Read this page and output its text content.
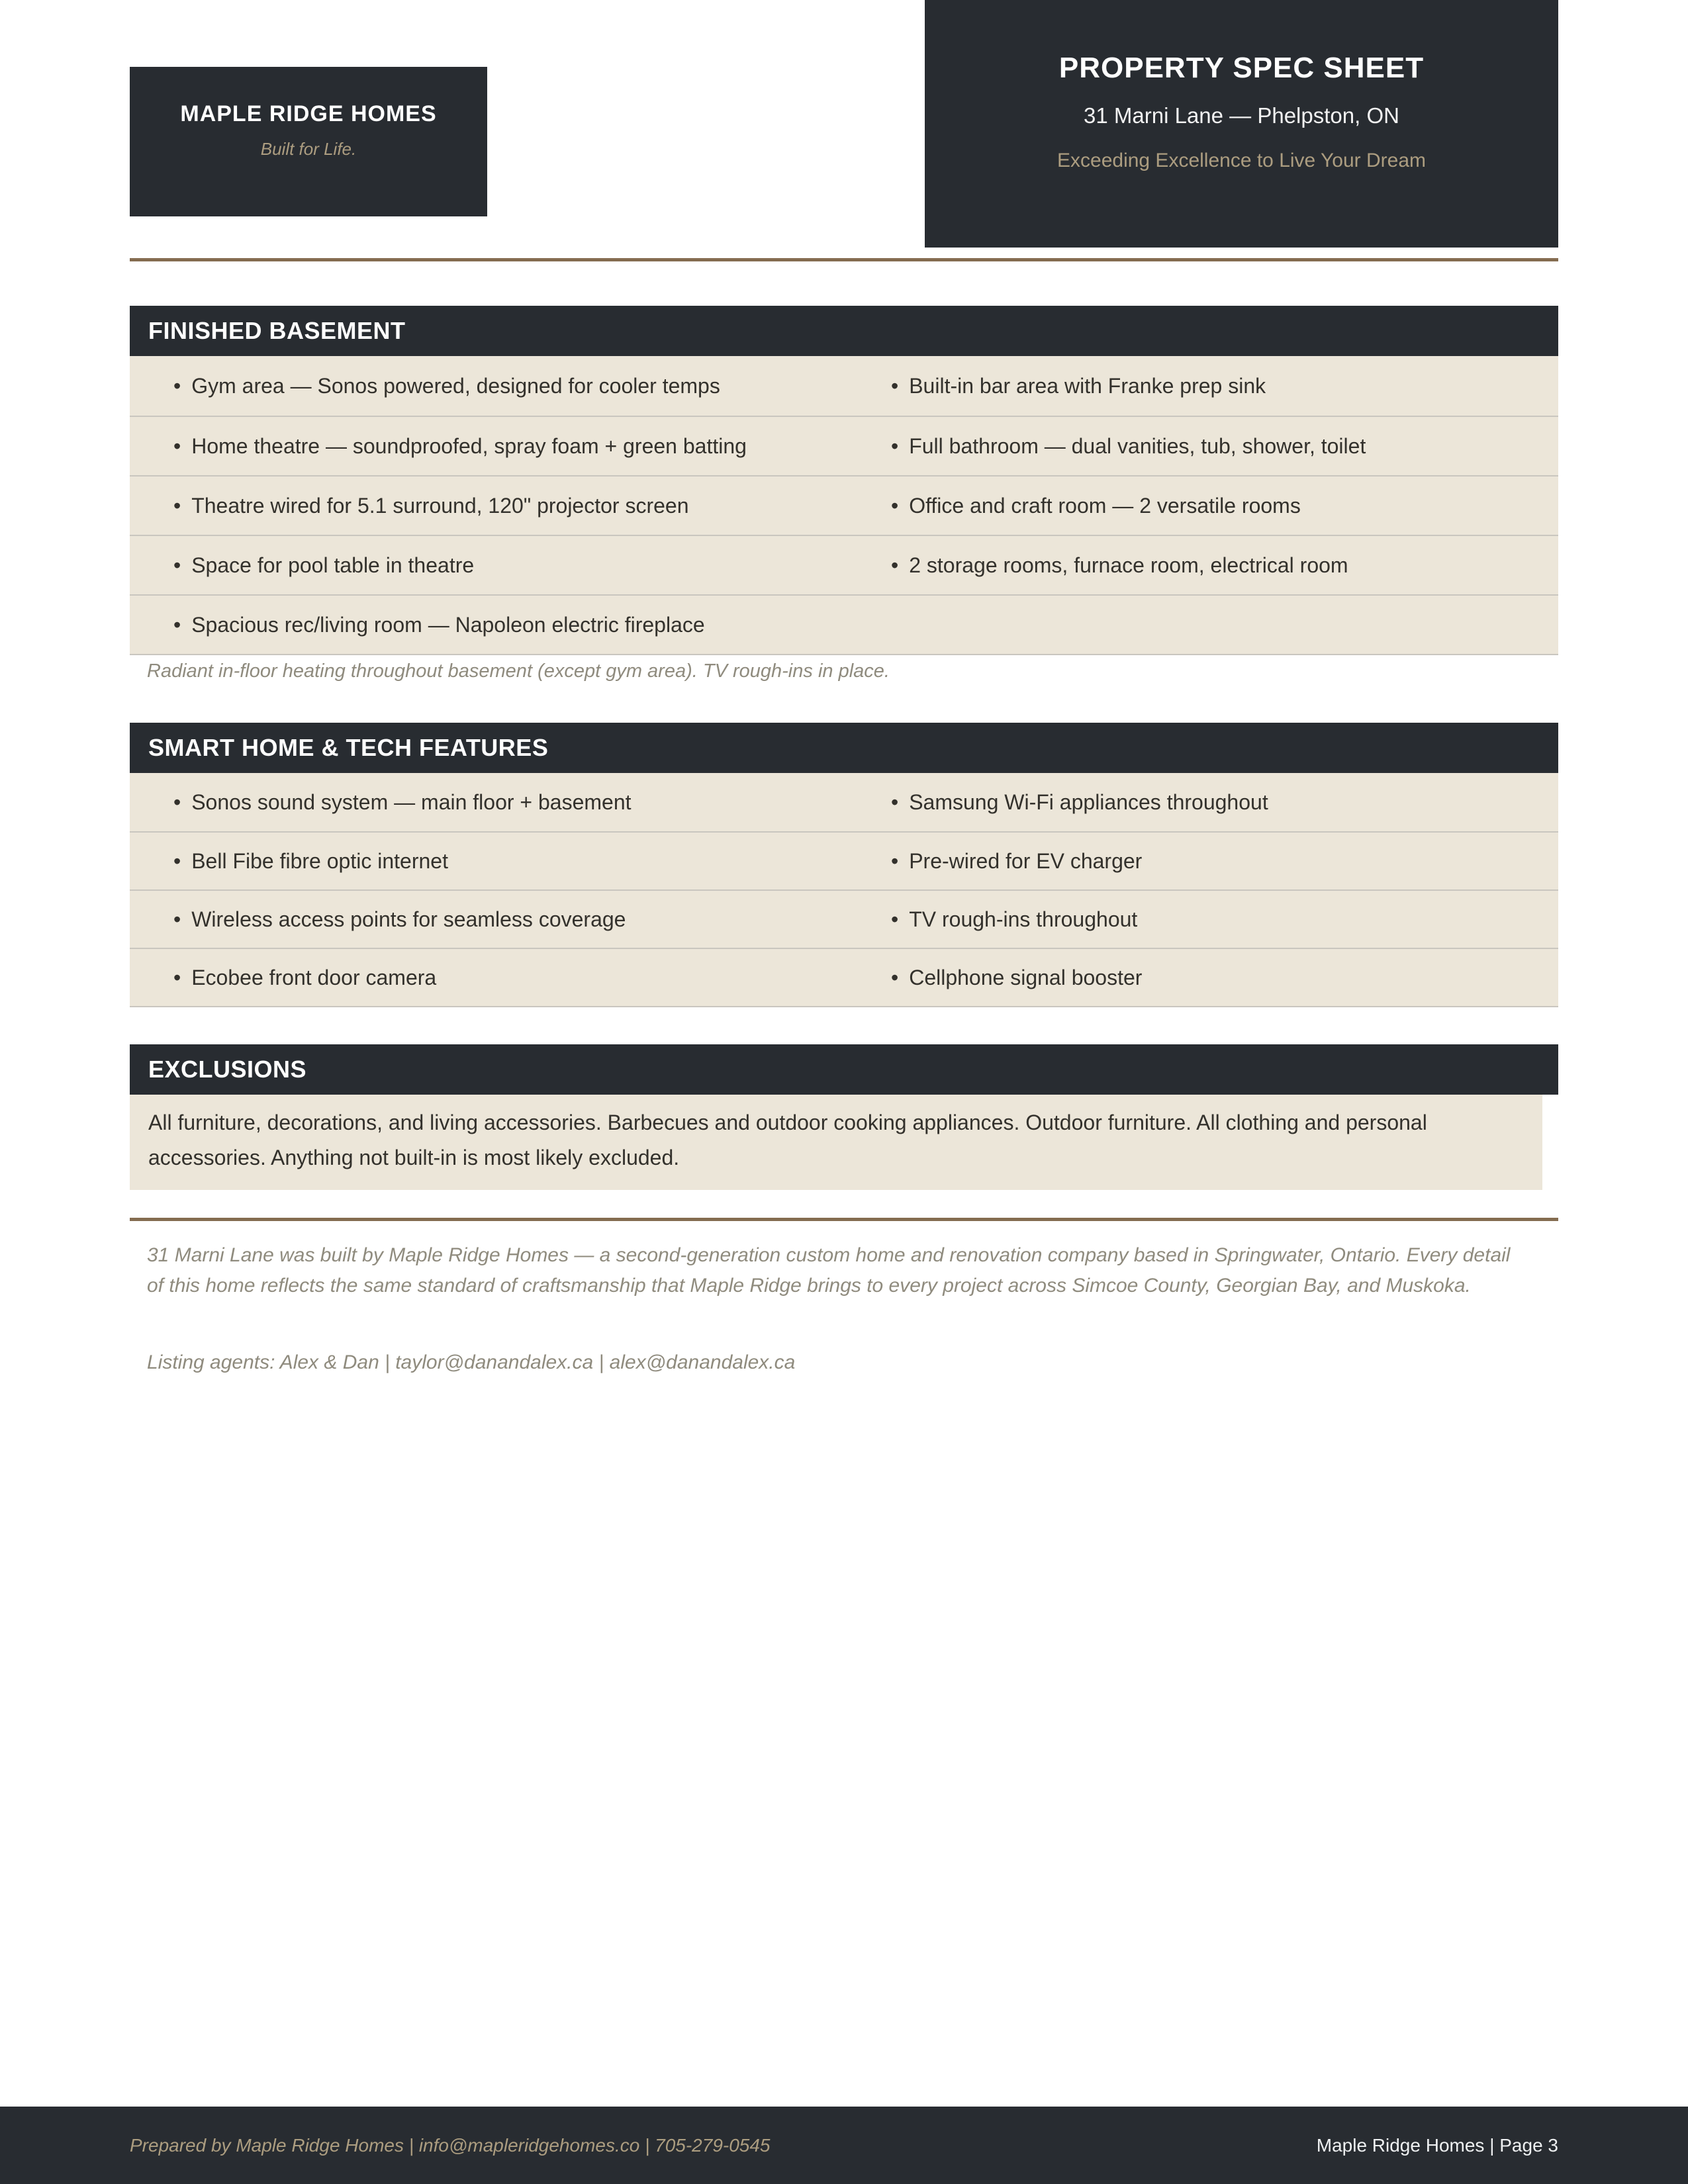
MAPLE RIDGE HOMES
Built for Life.
PROPERTY SPEC SHEET
31 Marni Lane — Phelpston, ON
Exceeding Excellence to Live Your Dream
FINISHED BASEMENT
• Gym area — Sonos powered, designed for cooler temps	• Built-in bar area with Franke prep sink
• Home theatre — soundproofed, spray foam + green batting	• Full bathroom — dual vanities, tub, shower, toilet
• Theatre wired for 5.1 surround, 120" projector screen	• Office and craft room — 2 versatile rooms
• Space for pool table in theatre	• 2 storage rooms, furnace room, electrical room
• Spacious rec/living room — Napoleon electric fireplace
Radiant in-floor heating throughout basement (except gym area). TV rough-ins in place.
SMART HOME & TECH FEATURES
• Sonos sound system — main floor + basement	• Samsung Wi-Fi appliances throughout
• Bell Fibe fibre optic internet	• Pre-wired for EV charger
• Wireless access points for seamless coverage	• TV rough-ins throughout
• Ecobee front door camera	• Cellphone signal booster
EXCLUSIONS
All furniture, decorations, and living accessories. Barbecues and outdoor cooking appliances. Outdoor furniture. All clothing and personal accessories. Anything not built-in is most likely excluded.
31 Marni Lane was built by Maple Ridge Homes — a second-generation custom home and renovation company based in Springwater, Ontario. Every detail of this home reflects the same standard of craftsmanship that Maple Ridge brings to every project across Simcoe County, Georgian Bay, and Muskoka.
Listing agents: Alex & Dan | taylor@danandalex.ca | alex@danandalex.ca
Prepared by Maple Ridge Homes | info@mapleridgehomes.co | 705-279-0545	Maple Ridge Homes | Page 3
